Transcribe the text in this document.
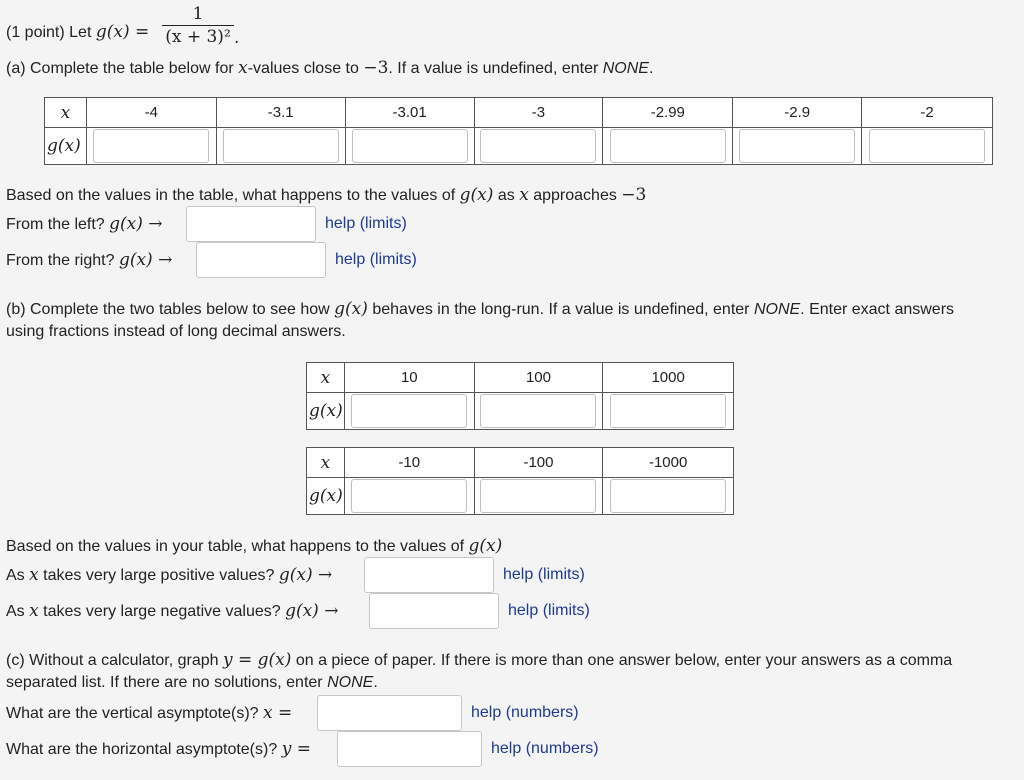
(1 point) Let g(x) =
1
(x + 3)² .
(a) Complete the table below for x-values close to −3. If a value is undefined, enter NONE.
x	-4	-3.1	-3.01	-3	-2.99	-2.9	-2
g(x)	

Based on the values in the table, what happens to the values of g(x) as x approaches −3
From the left? g(x) →	help (limits)
From the right? g(x) →	help (limits)
(b) Complete the two tables below to see how g(x) behaves in the long-run. If a value is undefined, enter NONE. Enter exact answers
using fractions instead of long decimal answers.
x	10	100	1000
g(x)	

x	-10	-100	-1000
g(x)	

Based on the values in your table, what happens to the values of g(x)
As x takes very large positive values? g(x) →	help (limits)
As x takes very large negative values? g(x) →	help (limits)
(c) Without a calculator, graph y = g(x) on a piece of paper. If there is more than one answer below, enter your answers as a comma
separated list. If there are no solutions, enter NONE.
What are the vertical asymptote(s)? x =	help (numbers)
What are the horizontal asymptote(s)? y =	help (numbers)
